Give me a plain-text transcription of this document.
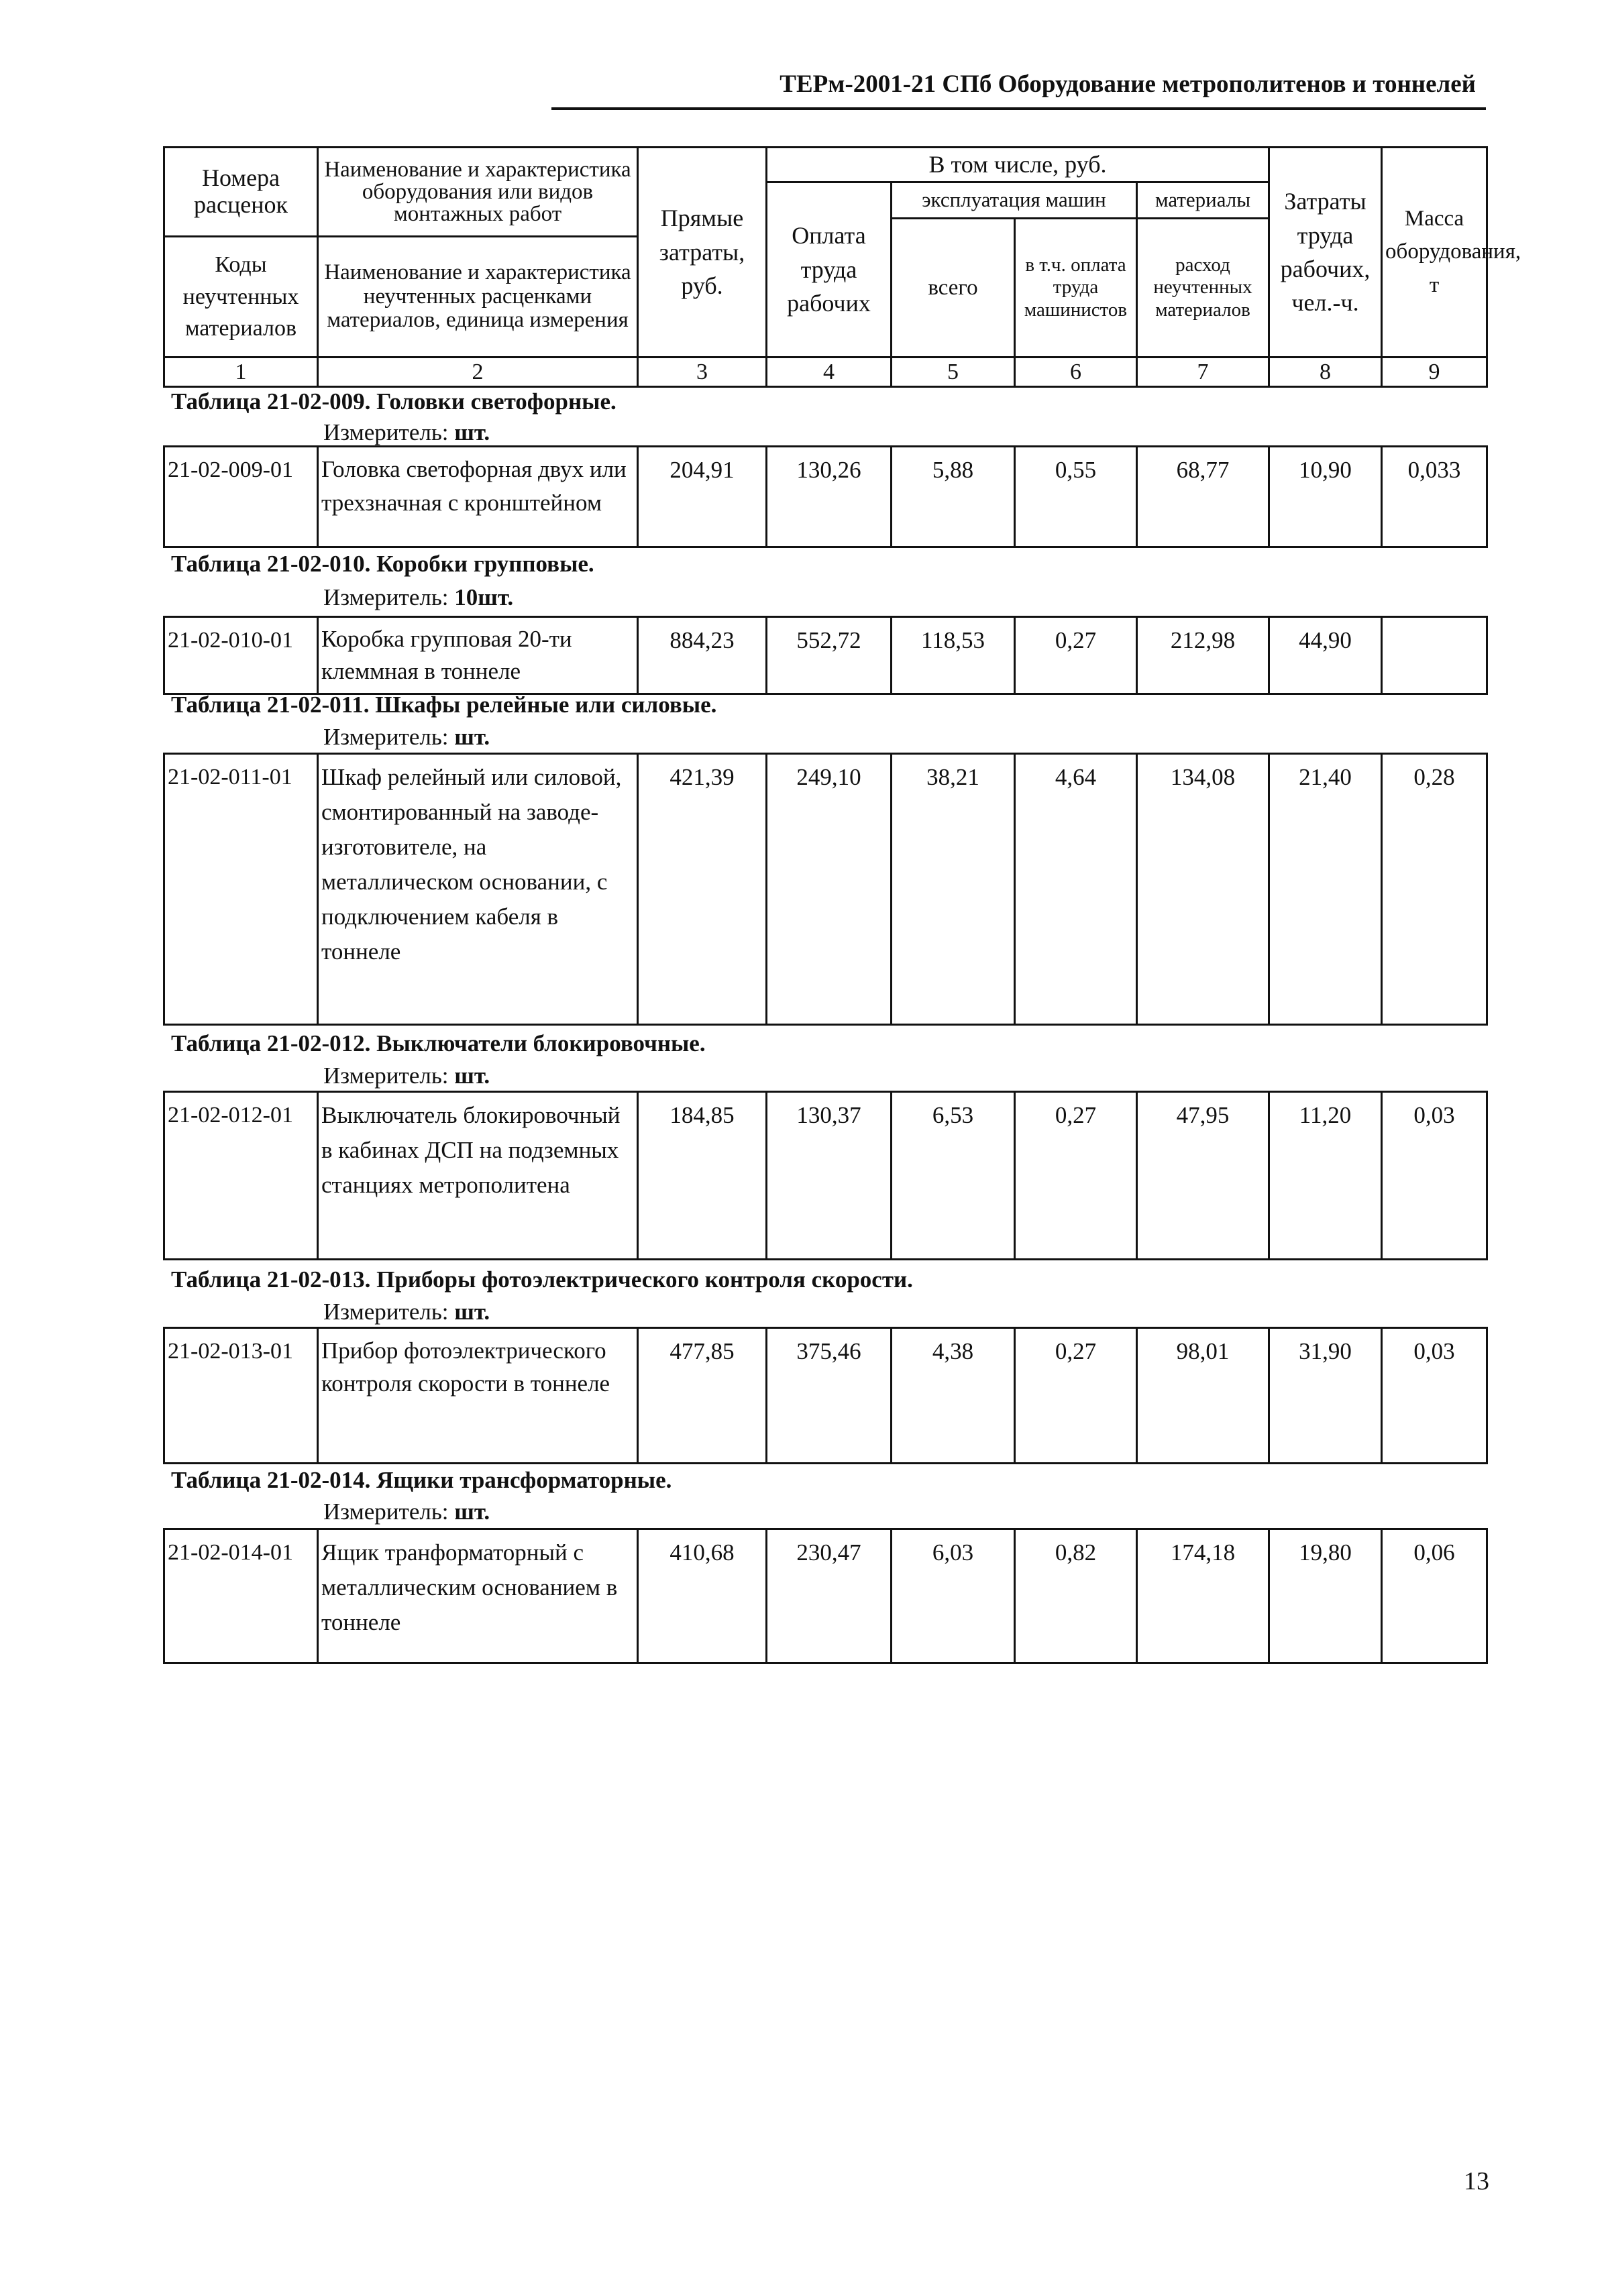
ТЕРм-2001-21 СПб Оборудование метрополитенов и тоннелей
Номера расценок	Наименование и характеристика оборудования или видов монтажных работ	Прямые затраты, руб.	В том числе, руб.				Затраты труда рабочих, чел.-ч.	Масса оборудования, т
			Оплата труда рабочих	эксплуатация машин		материалы		
				всего	в т.ч. оплата труда машинистов	расход неучтенных материалов		
Коды неучтенных материалов	Наименование и характеристика неучтенных расценками материалов, единица измерения							

1	2	3	4	5	6	7	8	9
Таблица 21-02-009. Головки светофорные.
Измеритель: шт.
21-02-009-01	Головка светофорная двух или трехзначная с кронштейном	204,91	130,26	5,88	0,55	68,77	10,90	0,033
Таблица 21-02-010. Коробки групповые.
Измеритель: 10шт.
21-02-010-01	Коробка групповая 20-ти клеммная в тоннеле	884,23	552,72	118,53	0,27	212,98	44,90	
Таблица 21-02-011. Шкафы релейные или силовые.
Измеритель: шт.
21-02-011-01	Шкаф релейный или силовой, смонтированный на заводе-изготовителе, на металлическом основании, с подключением кабеля в тоннеле	421,39	249,10	38,21	4,64	134,08	21,40	0,28
Таблица 21-02-012. Выключатели блокировочные.
Измеритель: шт.
21-02-012-01	Выключатель блокировочный в кабинах ДСП на подземных станциях метрополитена	184,85	130,37	6,53	0,27	47,95	11,20	0,03
Таблица 21-02-013. Приборы фотоэлектрического контроля скорости.
Измеритель: шт.
21-02-013-01	Прибор фотоэлектрического контроля скорости в тоннеле	477,85	375,46	4,38	0,27	98,01	31,90	0,03
Таблица 21-02-014. Ящики трансформаторные.
Измеритель: шт.
21-02-014-01	Ящик транформаторный с металлическим основанием в тоннеле	410,68	230,47	6,03	0,82	174,18	19,80	0,06
13
